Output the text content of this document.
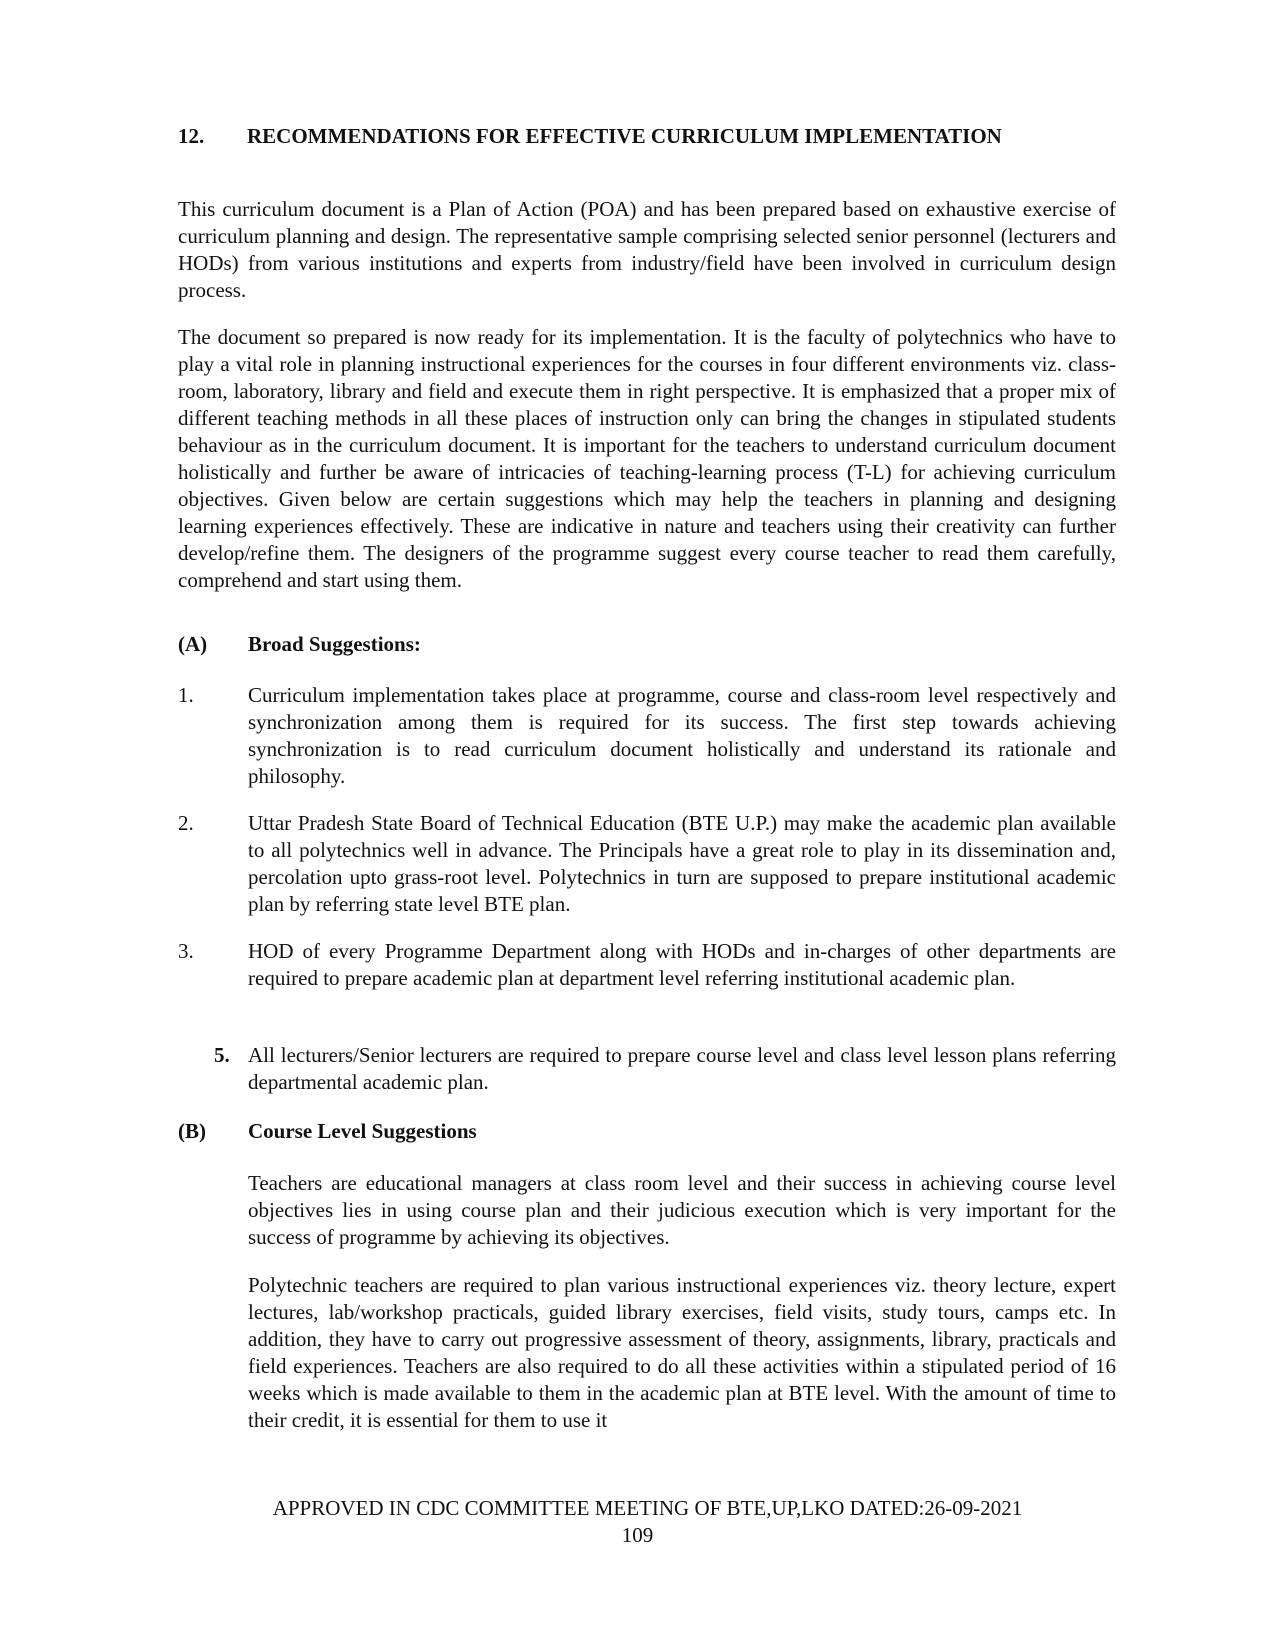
12. RECOMMENDATIONS FOR EFFECTIVE CURRICULUM IMPLEMENTATION

This curriculum document is a Plan of Action (POA) and has been prepared based on exhaustive exercise of curriculum planning and design. The representative sample comprising selected senior personnel (lecturers and HODs) from various institutions and experts from industry/field have been involved in curriculum design process.

The document so prepared is now ready for its implementation. It is the faculty of polytechnics who have to play a vital role in planning instructional experiences for the courses in four different environments viz. class-room, laboratory, library and field and execute them in right perspective. It is emphasized that a proper mix of different teaching methods in all these places of instruction only can bring the changes in stipulated students behaviour as in the curriculum document. It is important for the teachers to understand curriculum document holistically and further be aware of intricacies of teaching-learning process (T-L) for achieving curriculum objectives. Given below are certain suggestions which may help the teachers in planning and designing learning experiences effectively. These are indicative in nature and teachers using their creativity can further develop/refine them. The designers of the programme suggest every course teacher to read them carefully, comprehend and start using them.

(A) Broad Suggestions:
1.	Curriculum implementation takes place at programme, course and class-room level respectively and synchronization among them is required for its success. The first step towards achieving synchronization is to read curriculum document holistically and understand its rationale and philosophy.
2.	Uttar Pradesh State Board of Technical Education (BTE U.P.) may make the academic plan available to all polytechnics well in advance. The Principals have a great role to play in its dissemination and, percolation upto grass-root level. Polytechnics in turn are supposed to prepare institutional academic plan by referring state level BTE plan.
3.	HOD of every Programme Department along with HODs and in-charges of other departments are required to prepare academic plan at department level referring institutional academic plan.
5. All lecturers/Senior lecturers are required to prepare course level and class level lesson plans referring departmental academic plan.
(B) Course Level Suggestions

Teachers are educational managers at class room level and their success in achieving course level objectives lies in using course plan and their judicious execution which is very important for the success of programme by achieving its objectives.

Polytechnic teachers are required to plan various instructional experiences viz. theory lecture, expert lectures, lab/workshop practicals, guided library exercises, field visits, study tours, camps etc. In addition, they have to carry out progressive assessment of theory, assignments, library, practicals and field experiences. Teachers are also required to do all these activities within a stipulated period of 16 weeks which is made available to them in the academic plan at BTE level. With the amount of time to their credit, it is essential for them to use it

APPROVED IN CDC COMMITTEE MEETING OF BTE,UP,LKO DATED:26-09-2021
109
